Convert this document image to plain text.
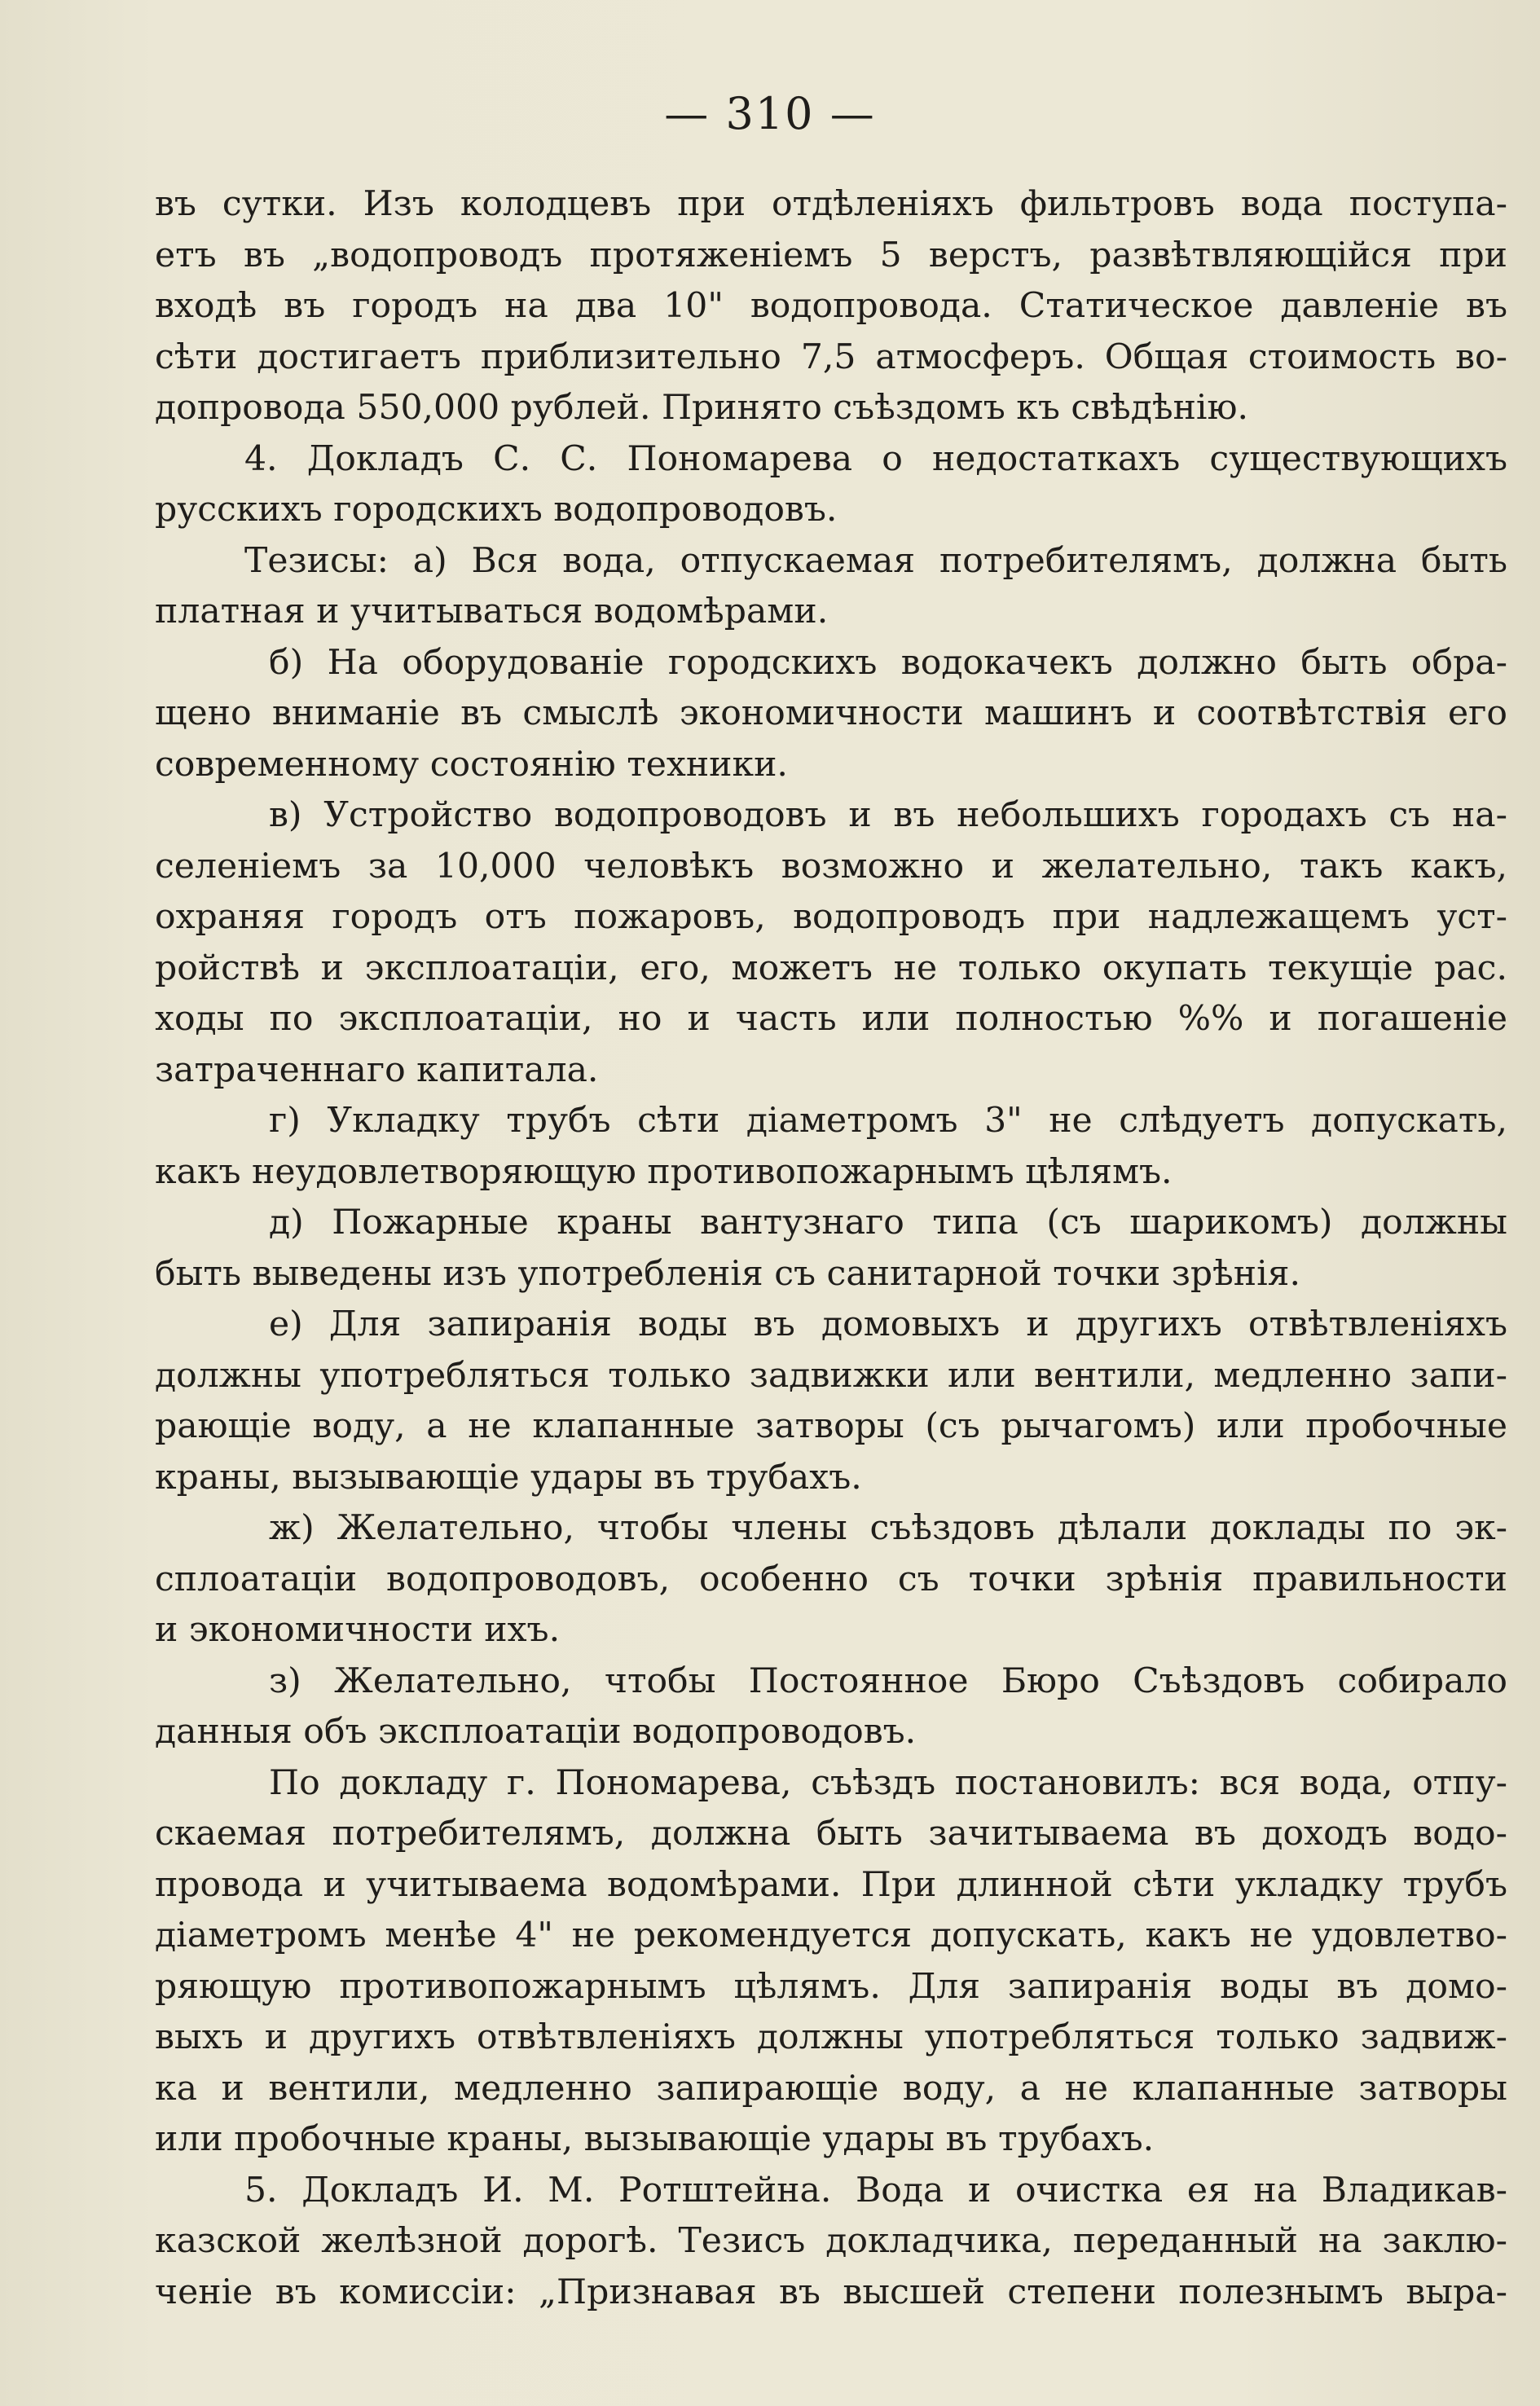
— 310 —
въ сутки. Изъ колодцевъ при отдѣленiяхъ фильтровъ вода поступа-
етъ въ „водопроводъ протяженiемъ 5 верстъ, развѣтвляющiйся при
входѣ въ городъ на два 10" водопровода. Статическое давленiе въ
сѣти достигаетъ приблизительно 7,5 атмосферъ. Общая стоимость во-
допровода 550,000 рублей. Принято съѣздомъ къ свѣдѣнiю.
4. Докладъ С. С. Пономарева о недостаткахъ существующихъ
русскихъ городскихъ водопроводовъ.
Тезисы: а) Вся вода, отпускаемая потребителямъ, должна быть
платная и учитываться водомѣрами.
б) На оборудованiе городскихъ водокачекъ должно быть обра-
щено вниманiе въ смыслѣ экономичности машинъ и соотвѣтствiя его
современному состоянiю техники.
в) Устройство водопроводовъ и въ небольшихъ городахъ съ на-
селенiемъ за 10,000 человѣкъ возможно и желательно, такъ какъ,
охраняя городъ отъ пожаровъ, водопроводъ при надлежащемъ уст-
ройствѣ и эксплоатацiи, его, можетъ не только окупать текущiе рас.
ходы по эксплоатацiи, но и часть или полностью %% и погашенiе
затраченнаго капитала.
г) Укладку трубъ сѣти дiаметромъ 3" не слѣдуетъ допускать,
какъ неудовлетворяющую противопожарнымъ цѣлямъ.
д) Пожарные краны вантузнаго типа (съ шарикомъ) должны
быть выведены изъ употребленiя съ санитарной точки зрѣнiя.
е) Для запиранiя воды въ домовыхъ и другихъ отвѣтвленiяхъ
должны употребляться только задвижки или вентили, медленно запи-
рающiе воду, а не клапанные затворы (съ рычагомъ) или пробочные
краны, вызывающiе удары въ трубахъ.
ж) Желательно, чтобы члены съѣздовъ дѣлали доклады по эк-
сплоатацiи водопроводовъ, особенно съ точки зрѣнiя правильности
и экономичности ихъ.
з) Желательно, чтобы Постоянное Бюро Съѣздовъ собирало
данныя объ эксплоатацiи водопроводовъ.
По докладу г. Пономарева, съѣздъ постановилъ: вся вода, отпу-
скаемая потребителямъ, должна быть зачитываема въ доходъ водо-
провода и учитываема водомѣрами. При длинной сѣти укладку трубъ
дiаметромъ менѣе 4" не рекомендуется допускать, какъ не удовлетво-
ряющую противопожарнымъ цѣлямъ. Для запиранiя воды въ домо-
выхъ и другихъ отвѣтвленiяхъ должны употребляться только задвиж-
ка и вентили, медленно запирающiе воду, а не клапанные затворы
или пробочные краны, вызывающiе удары въ трубахъ.
5. Докладъ И. М. Ротштейна. Вода и очистка ея на Владикав-
казской желѣзной дорогѣ. Тезисъ докладчика, переданный на заклю-
ченiе въ комиссiи: „Признавая въ высшей степени полезнымъ выра-
